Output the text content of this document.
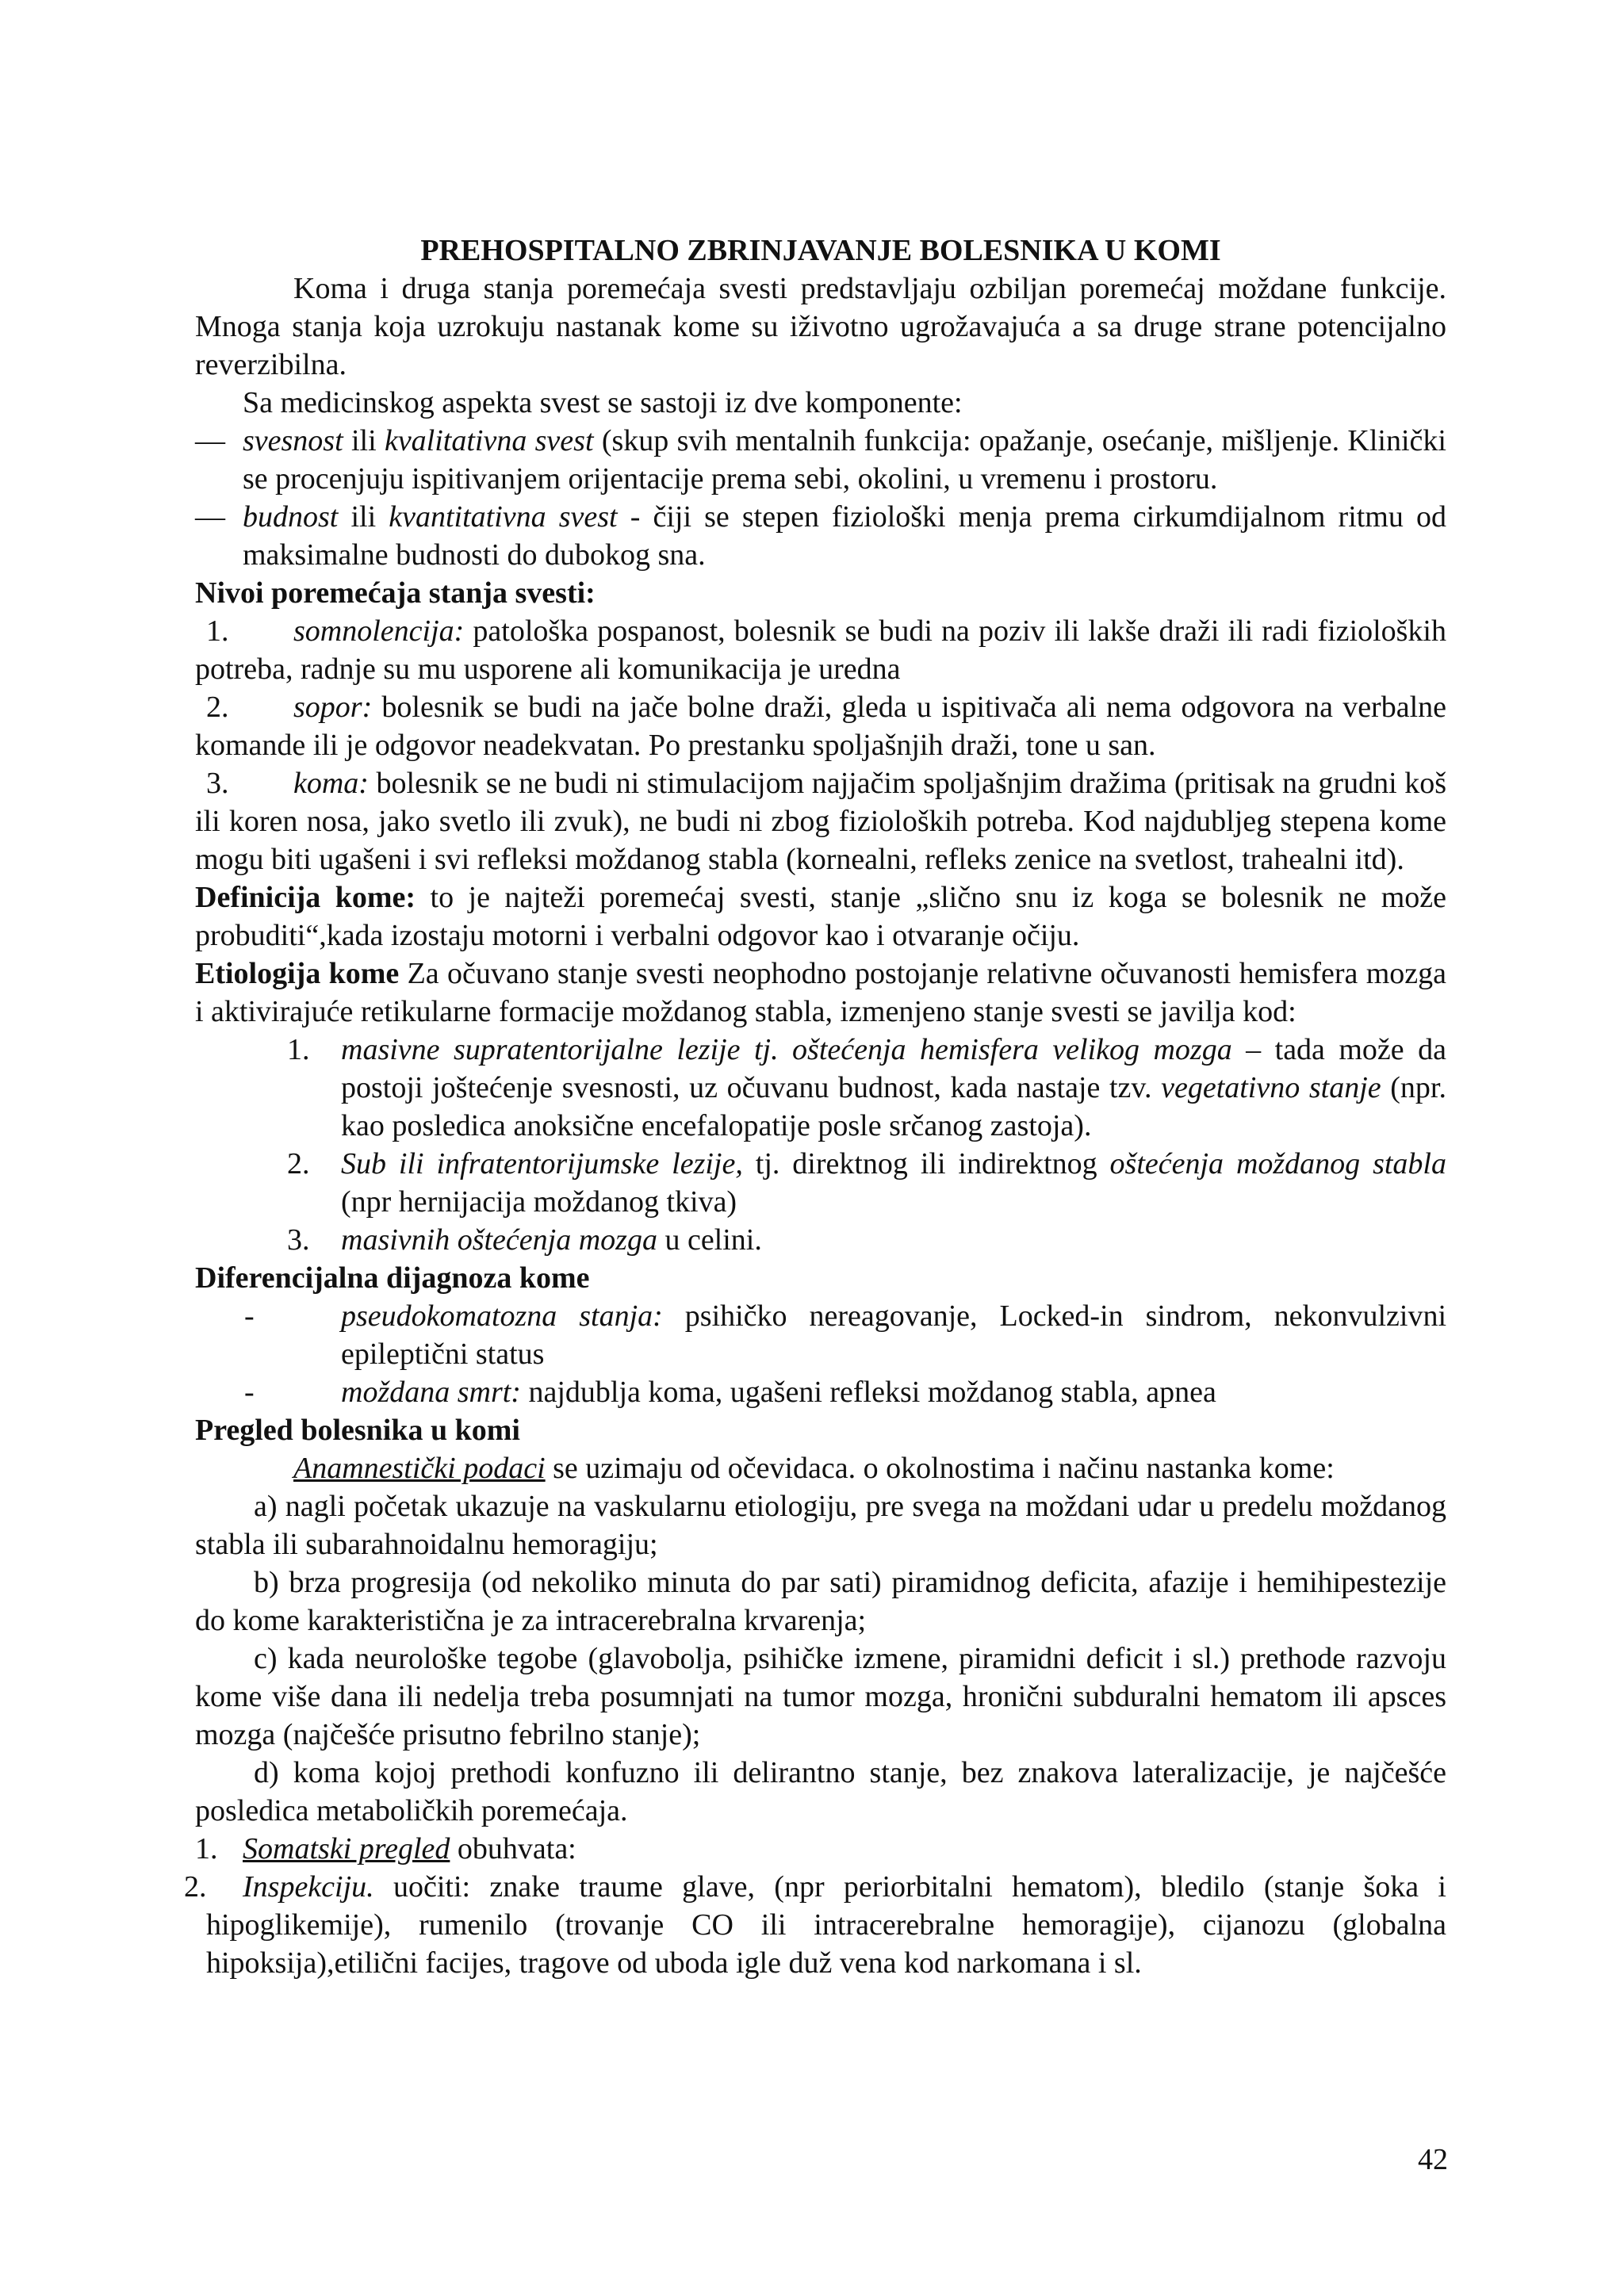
PREHOSPITALNO ZBRINJAVANJE BOLESNIKA U KOMI

Koma i druga stanja poremećaja svesti predstavljaju ozbiljan poremećaj moždane funkcije. Mnoga stanja koja uzrokuju nastanak kome su iživotno ugrožavajuća a sa druge strane potencijalno reverzibilna.

Sa medicinskog aspekta svest se sastoji iz dve komponente:

— svesnost ili kvalitativna svest (skup svih mentalnih funkcija: opažanje, osećanje, mišljenje. Klinički se procenjuju ispitivanjem orijentacije prema sebi, okolini, u vremenu i prostoru.

— budnost ili kvantitativna svest - čiji se stepen fiziološki menja prema cirkumdijalnom ritmu od maksimalne budnosti do dubokog sna.

Nivoi poremećaja stanja svesti:

1. somnolencija: patološka pospanost, bolesnik se budi na poziv ili lakše draži ili radi fizioloških potreba, radnje su mu usporene ali komunikacija je uredna

2. sopor: bolesnik se budi na jače bolne draži, gleda u ispitivača ali nema odgovora na verbalne komande ili je odgovor neadekvatan. Po prestanku spoljašnjih draži, tone u san.

3. koma: bolesnik se ne budi ni stimulacijom najjačim spoljašnjim dražima (pritisak na grudni koš ili koren nosa, jako svetlo ili zvuk), ne budi ni zbog fizioloških potreba. Kod najdubljeg stepena kome mogu biti ugašeni i svi refleksi moždanog stabla (kornealni, refleks zenice na svetlost, trahealni itd).

Definicija kome: to je najteži poremećaj svesti, stanje „slično snu iz koga se bolesnik ne može probuditi“,kada izostaju motorni i verbalni odgovor kao i otvaranje očiju.

Etiologija kome Za očuvano stanje svesti neophodno postojanje relativne očuvanosti hemisfera mozga i aktivirajuće retikularne formacije moždanog stabla, izmenjeno stanje svesti se javilja kod:

1. masivne supratentorijalne lezije tj. oštećenja hemisfera velikog mozga – tada može da postoji joštećenje svesnosti, uz očuvanu budnost, kada nastaje tzv. vegetativno stanje (npr. kao posledica anoksične encefalopatije posle srčanog zastoja).

2. Sub ili infratentorijumske lezije, tj. direktnog ili indirektnog oštećenja moždanog stabla (npr hernijacija moždanog tkiva)

3. masivnih oštećenja mozga u celini.

Diferencijalna dijagnoza kome

-	pseudokomatozna stanja: psihičko nereagovanje, Locked-in sindrom, nekonvulzivni epileptični status

-	moždana smrt: najdublja koma, ugašeni refleksi moždanog stabla, apnea

Pregled bolesnika u komi

Anamnestički podaci se uzimaju od očevidaca. o okolnostima i načinu nastanka kome:

a) nagli početak ukazuje na vaskularnu etiologiju, pre svega na moždani udar u predelu moždanog stabla ili subarahnoidalnu hemoragiju;

b) brza progresija (od nekoliko minuta do par sati) piramidnog deficita, afazije i hemihipestezije do kome karakteristična je za intracerebralna krvarenja;

c) kada neurološke tegobe (glavobolja, psihičke izmene, piramidni deficit i sl.) prethode razvoju kome više dana ili nedelja treba posumnjati na tumor mozga, hronični subduralni hematom ili apsces mozga (najčešće prisutno febrilno stanje);

d) koma kojoj prethodi konfuzno ili delirantno stanje, bez znakova lateralizacije, je najčešće posledica metaboličkih poremećaja.

1. Somatski pregled obuhvata:

2. Inspekciju. uočiti: znake traume glave, (npr periorbitalni hematom), bledilo (stanje šoka i hipoglikemije), rumenilo (trovanje CO ili intracerebralne hemoragije), cijanozu (globalna hipoksija),etilični facijes, tragove od uboda igle duž vena kod narkomana i sl.

42
